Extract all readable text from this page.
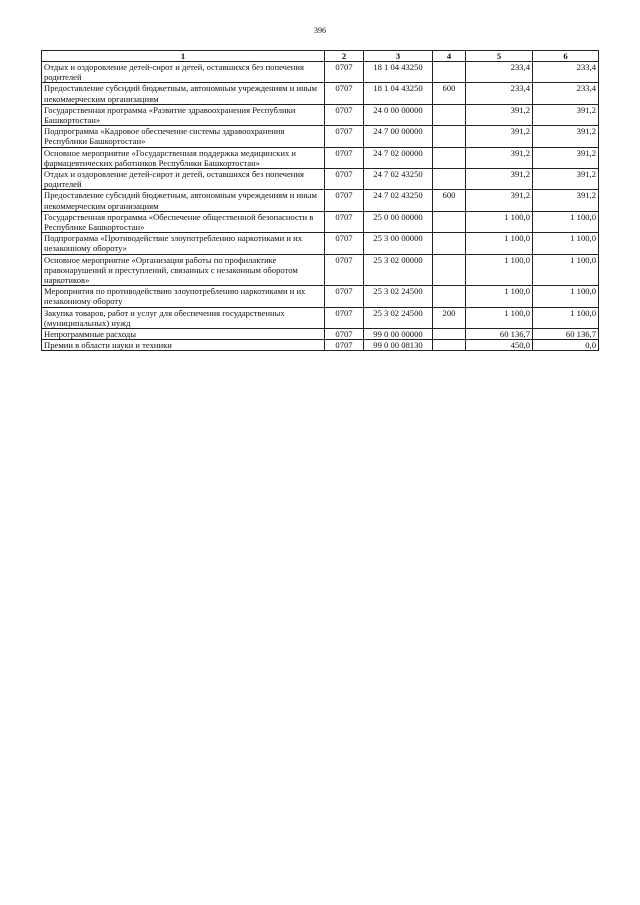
396
1	2	3	4	5	6
Отдых и оздоровление детей-сирот и детей, оставшихся без попечения родителей	0707	18 1 04 43250		233,4	233,4
Предоставление субсидий бюджетным, автономным учреждениям и иным некоммерческим организациям	0707	18 1 04 43250	600	233,4	233,4
Государственная программа «Развитие здравоохранения Республики Башкортостан»	0707	24 0 00 00000		391,2	391,2
Подпрограмма «Кадровое обеспечение системы здравоохранения Республики Башкортостан»	0707	24 7 00 00000		391,2	391,2
Основное мероприятие «Государственная поддержка медицинских и фармацевтических работников Республики Башкортостан»	0707	24 7 02 00000		391,2	391,2
Отдых и оздоровление детей-сирот и детей, оставшихся без попечения родителей	0707	24 7 02 43250		391,2	391,2
Предоставление субсидий бюджетным, автономным учреждениям и иным некоммерческим организациям	0707	24 7 02 43250	600	391,2	391,2
Государственная программа «Обеспечение общественной безопасности в Республике Башкортостан»	0707	25 0 00 00000		1 100,0	1 100,0
Подпрограмма «Противодействие злоупотреблению наркотиками и их незаконному обороту»	0707	25 3 00 00000		1 100,0	1 100,0
Основное мероприятие «Организация работы по профилактике правонарушений и преступлений, связанных с незаконным оборотом наркотиков»	0707	25 3 02 00000		1 100,0	1 100,0
Мероприятия по противодействию злоупотреблению наркотиками и их незаконному обороту	0707	25 3 02 24500		1 100,0	1 100,0
Закупка товаров, работ и услуг для обеспечения государственных (муниципальных) нужд	0707	25 3 02 24500	200	1 100,0	1 100,0
Непрограммные расходы	0707	99 0 00 00000		60 136,7	60 136,7
Премии в области науки и техники	0707	99 0 00 08130		450,0	0,0
